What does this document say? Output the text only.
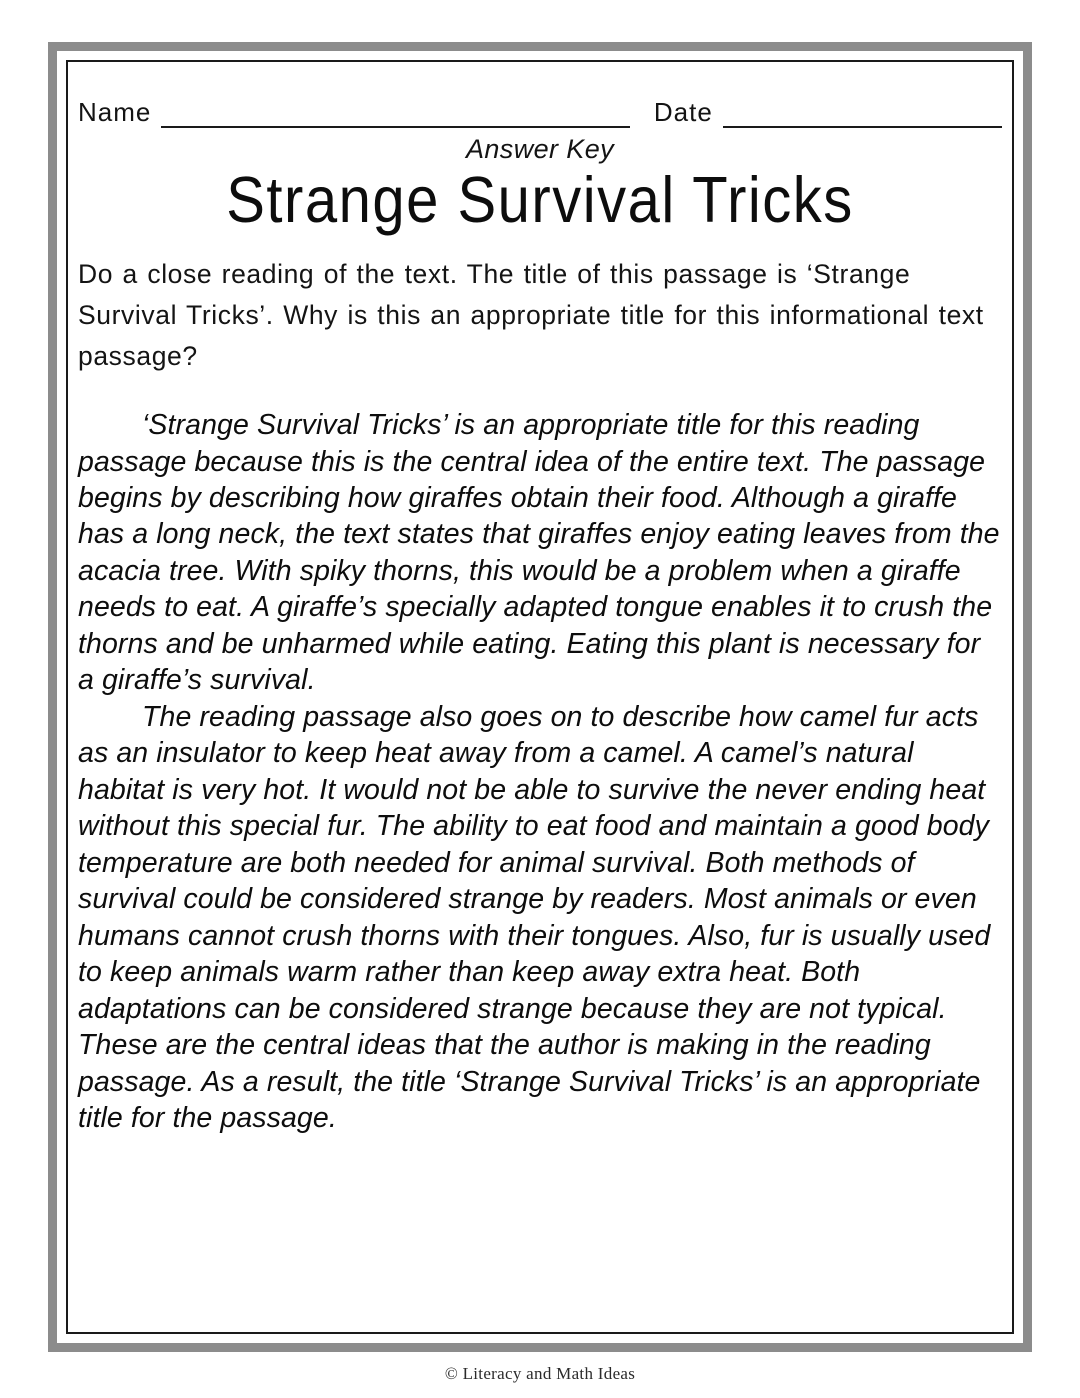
Name	Date
Answer Key
Strange Survival Tricks
Do a close reading of the text. The title of this passage is ‘Strange Survival Tricks’. Why is this an appropriate title for this informational text passage?

‘Strange Survival Tricks’ is an appropriate title for this reading passage because this is the central idea of the entire text. The passage begins by describing how giraffes obtain their food. Although a giraffe has a long neck, the text states that giraffes enjoy eating leaves from the acacia tree. With spiky thorns, this would be a problem when a giraffe needs to eat. A giraffe’s specially adapted tongue enables it to crush the thorns and be unharmed while eating. Eating this plant is necessary for a giraffe’s survival.

The reading passage also goes on to describe how camel fur acts as an insulator to keep heat away from a camel. A camel’s natural habitat is very hot. It would not be able to survive the never ending heat without this special fur. The ability to eat food and maintain a good body temperature are both needed for animal survival. Both methods of survival could be considered strange by readers. Most animals or even humans cannot crush thorns with their tongues. Also, fur is usually used to keep animals warm rather than keep away extra heat. Both adaptations can be considered strange because they are not typical. These are the central ideas that the author is making in the reading passage. As a result, the title ‘Strange Survival Tricks’ is an appropriate title for the passage.

© Literacy and Math Ideas
